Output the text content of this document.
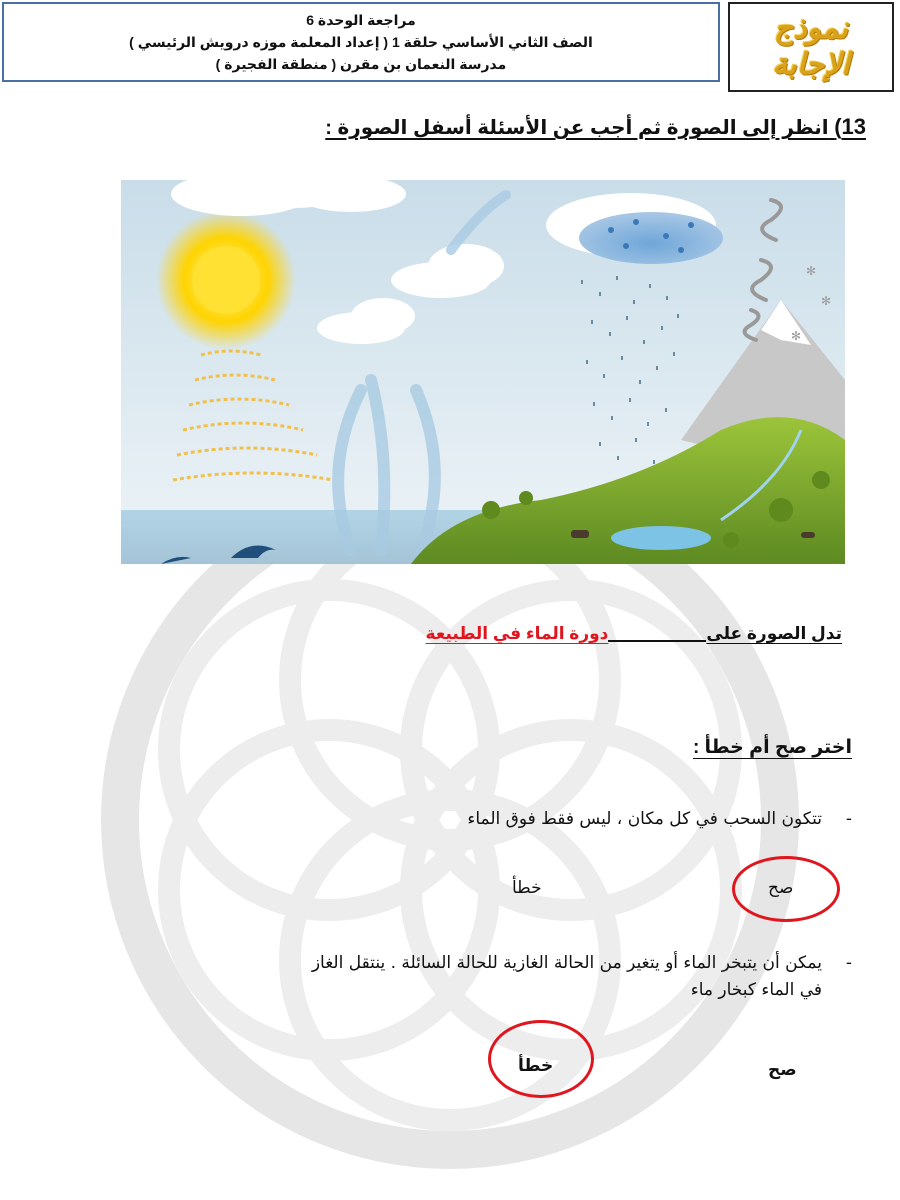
مراجعة الوحدة 6
الصف الثاني الأساسي حلقة 1 ( إعداد المعلمة موزه درويش الرئيسي )
مدرسة النعمان بن مقرن ( منطقة الفجيرة )
نموذج
الإجابة
13) انظر إلى الصورة ثم أجب عن الأسئلة أسفل الصورة :
✻
✻
✻
تدل الصورة على
دورة الماء في الطبيعة
اختر صح أم خطأ :
-تتكون السحب في كل مكان ، ليس فقط فوق الماء
صح
خطأ
-يمكن أن يتبخر الماء أو يتغير من الحالة الغازية للحالة السائلة . ينتقل الغاز
في الماء كبخار ماء
صح
خطأ
